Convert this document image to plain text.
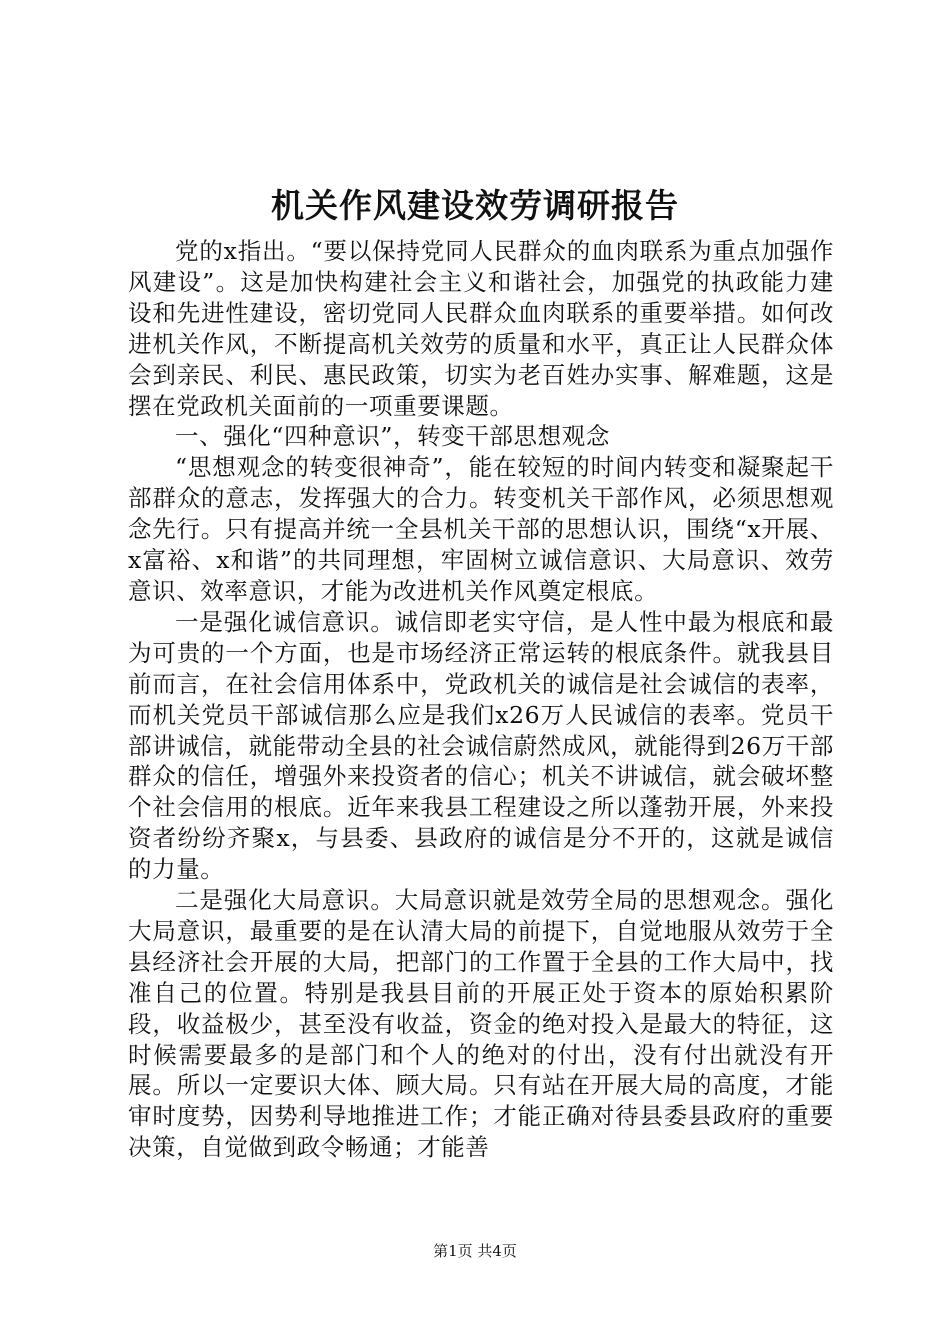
机关作风建设效劳调研报告

党的x指出。“要以保持党同人民群众的血肉联系为重点加强作风建设”。这是加快构建社会主义和谐社会，加强党的执政能力建设和先进性建设，密切党同人民群众血肉联系的重要举措。如何改进机关作风，不断提高机关效劳的质量和水平，真正让人民群众体会到亲民、利民、惠民政策，切实为老百姓办实事、解难题，这是摆在党政机关面前的一项重要课题。

一、强化“四种意识”，转变干部思想观念

“思想观念的转变很神奇”，能在较短的时间内转变和凝聚起干部群众的意志，发挥强大的合力。转变机关干部作风，必须思想观念先行。只有提高并统一全县机关干部的思想认识，围绕“x开展、x富裕、x和谐”的共同理想，牢固树立诚信意识、大局意识、效劳意识、效率意识，才能为改进机关作风奠定根底。

一是强化诚信意识。诚信即老实守信，是人性中最为根底和最为可贵的一个方面，也是市场经济正常运转的根底条件。就我县目前而言，在社会信用体系中，党政机关的诚信是社会诚信的表率，而机关党员干部诚信那么应是我们x26万人民诚信的表率。党员干部讲诚信，就能带动全县的社会诚信蔚然成风，就能得到26万干部群众的信任，增强外来投资者的信心；机关不讲诚信，就会破坏整个社会信用的根底。近年来我县工程建设之所以蓬勃开展，外来投资者纷纷齐聚x，与县委、县政府的诚信是分不开的，这就是诚信的力量。

二是强化大局意识。大局意识就是效劳全局的思想观念。强化大局意识，最重要的是在认清大局的前提下，自觉地服从效劳于全县经济社会开展的大局，把部门的工作置于全县的工作大局中，找准自己的位置。特别是我县目前的开展正处于资本的原始积累阶段，收益极少，甚至没有收益，资金的绝对投入是最大的特征，这时候需要最多的是部门和个人的绝对的付出，没有付出就没有开展。所以一定要识大体、顾大局。只有站在开展大局的高度，才能审时度势，因势利导地推进工作；才能正确对待县委县政府的重要决策，自觉做到政令畅通；才能善

第1页 共4页
